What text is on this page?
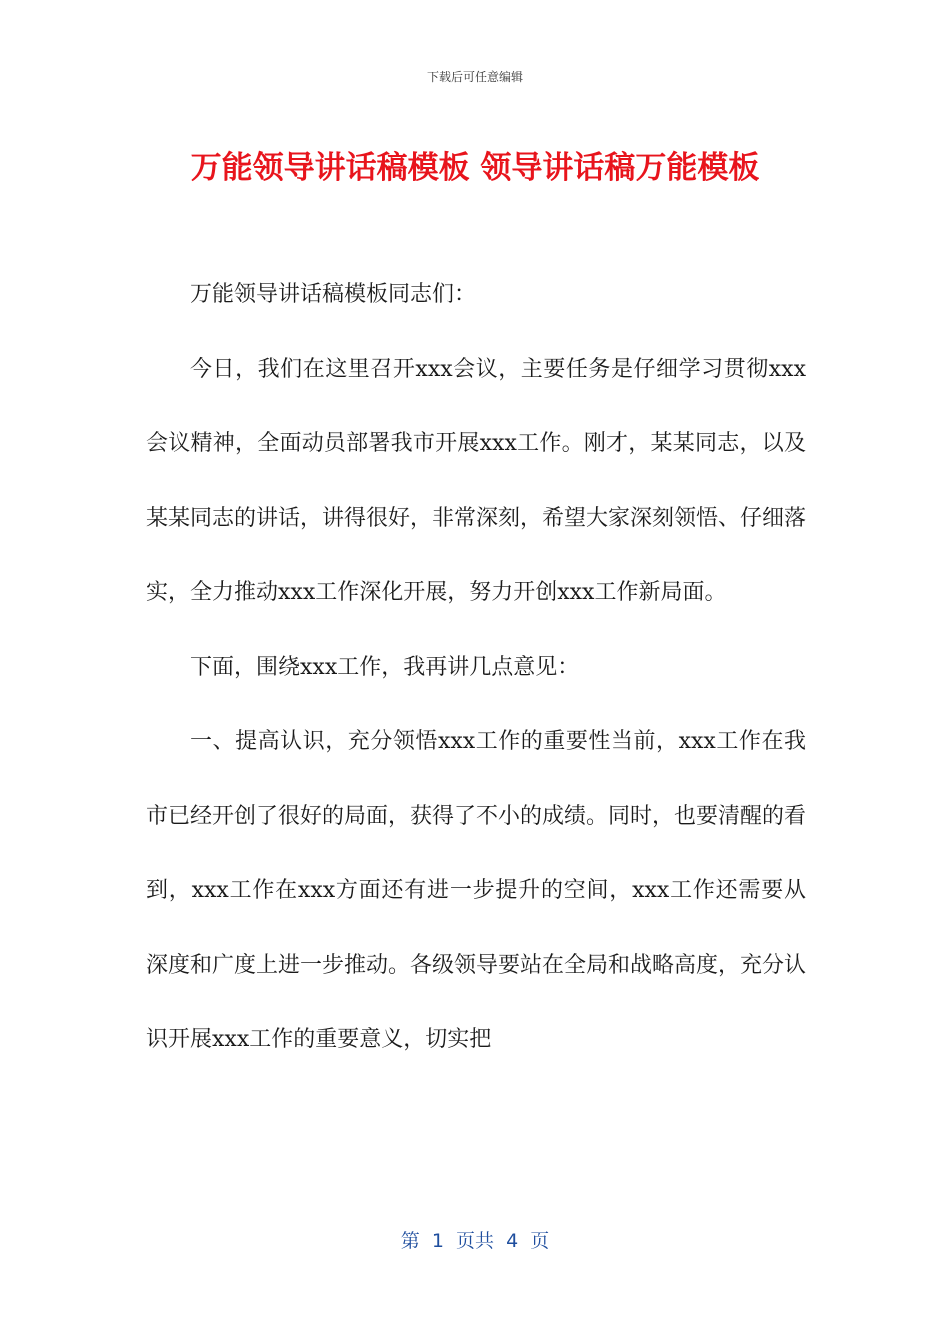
下载后可任意编辑
万能领导讲话稿模板 领导讲话稿万能模板

万能领导讲话稿模板同志们：

今日，我们在这里召开xxx会议，主要任务是仔细学习贯彻xxx会议精神，全面动员部署我市开展xxx工作。刚才，某某同志，以及某某同志的讲话，讲得很好，非常深刻，希望大家深刻领悟、仔细落实，全力推动xxx工作深化开展，努力开创xxx工作新局面。

下面，围绕xxx工作，我再讲几点意见：

一、提高认识，充分领悟xxx工作的重要性当前，xxx工作在我市已经开创了很好的局面，获得了不小的成绩。同时，也要清醒的看到，xxx工作在xxx方面还有进一步提升的空间，xxx工作还需要从深度和广度上进一步推动。各级领导要站在全局和战略高度，充分认识开展xxx工作的重要意义，切实把

第  1  页共  4  页
